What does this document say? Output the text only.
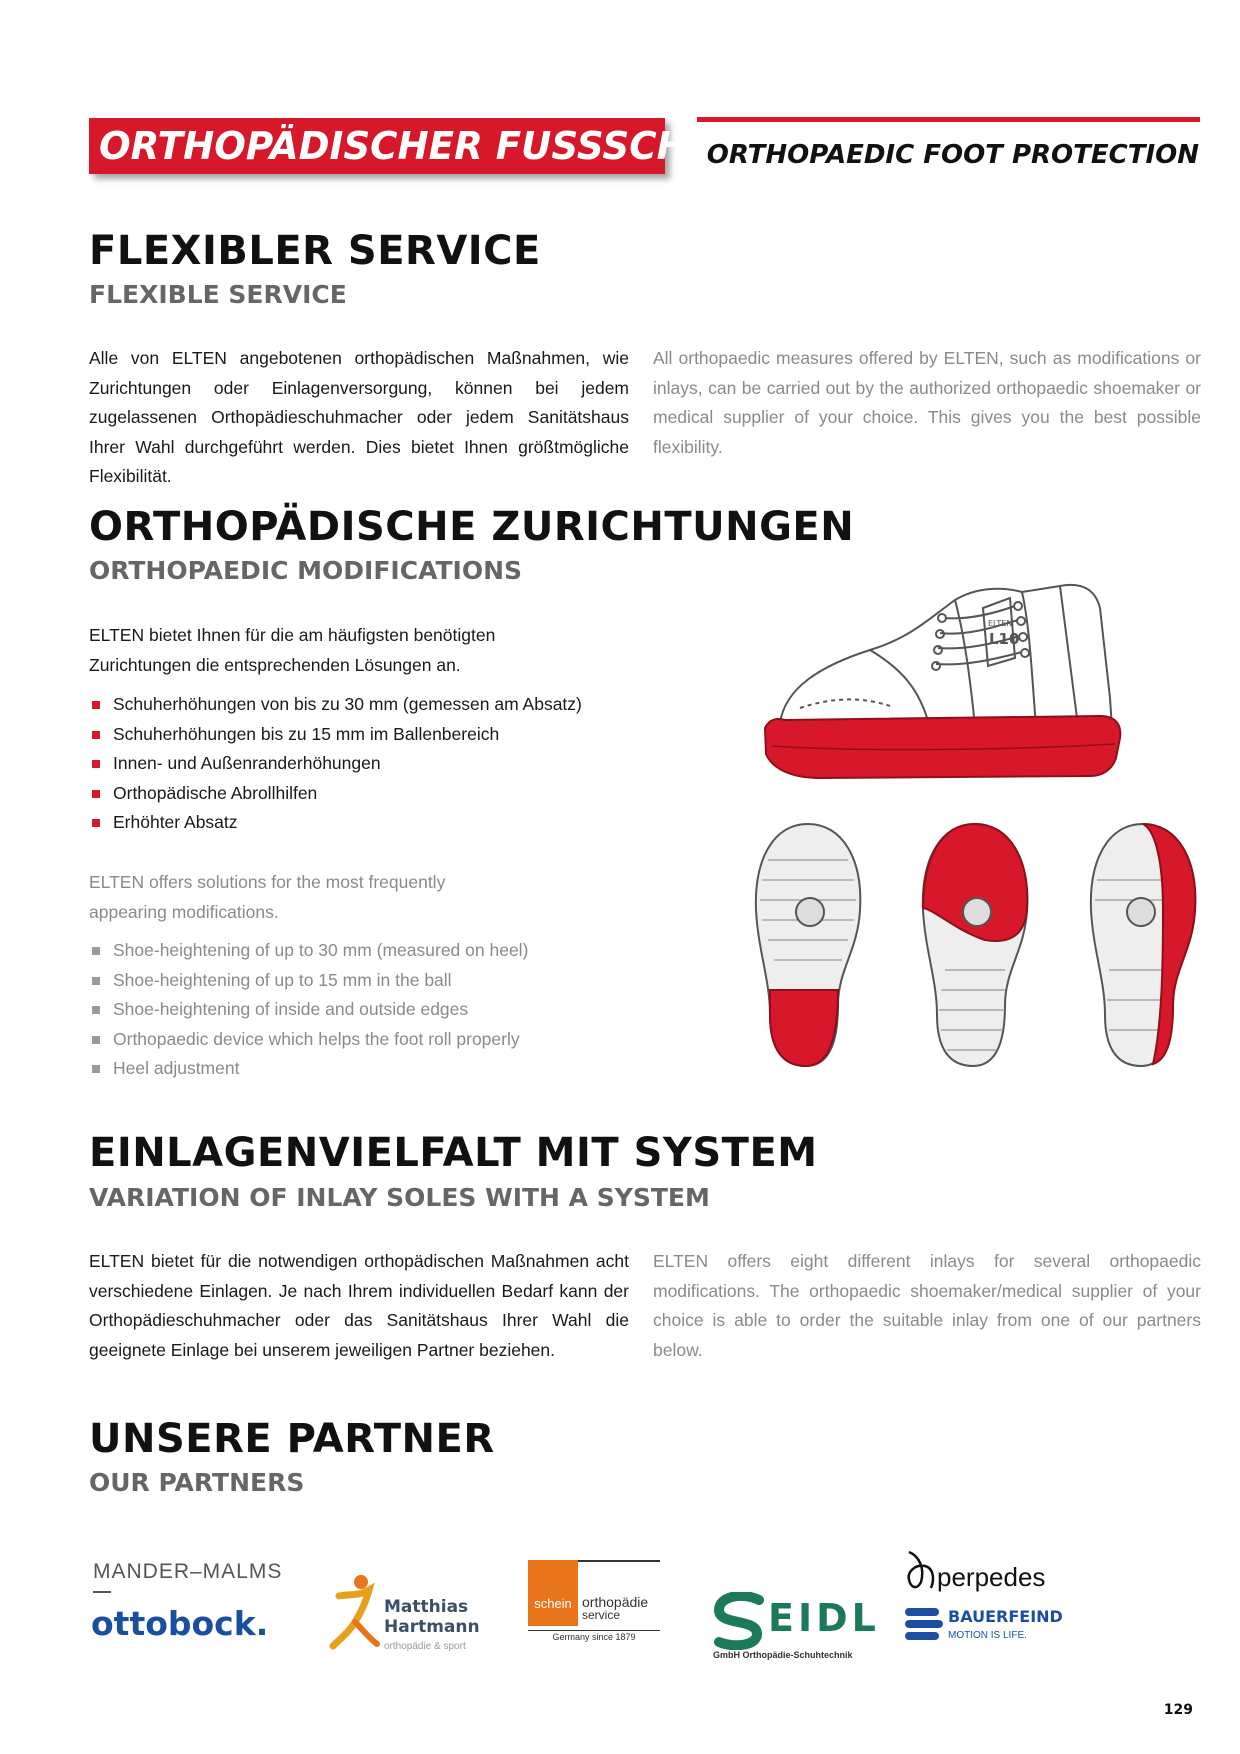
ORTHOPÄDISCHER FUSSSCHUTZ
ORTHOPAEDIC FOOT PROTECTION
FLEXIBLER SERVICE
FLEXIBLE SERVICE
Alle von ELTEN angebotenen orthopädischen Maßnahmen, wie Zurichtungen oder Einlagenversorgung, können bei jedem zugelassenen Orthopädieschuhmacher oder jedem Sanitätshaus Ihrer Wahl durchgeführt werden. Dies bietet Ihnen größtmögliche Flexibilität.
All orthopaedic measures offered by ELTEN, such as modifications or inlays, can be carried out by the authorized orthopaedic shoemaker or medical supplier of your choice. This gives you the best possible flexibility.
ORTHOPÄDISCHE ZURICHTUNGEN
ORTHOPAEDIC MODIFICATIONS
ELTEN bietet Ihnen für die am häufigsten benötigten Zurichtungen die entsprechenden Lösungen an.
Schuherhöhungen von bis zu 30 mm (gemessen am Absatz)
Schuherhöhungen bis zu 15 mm im Ballenbereich
Innen- und Außenranderhöhungen
Orthopädische Abrollhilfen
Erhöhter Absatz
ELTEN offers solutions for the most frequently appearing modifications.
Shoe-heightening of up to 30 mm (measured on heel)
Shoe-heightening of up to 15 mm in the ball
Shoe-heightening of inside and outside edges
Orthopaedic device which helps the foot roll properly
Heel adjustment
ELTEN
L10
EINLAGENVIELFALT MIT SYSTEM
VARIATION OF INLAY SOLES WITH A SYSTEM
ELTEN bietet für die notwendigen orthopädischen Maßnahmen acht verschiedene Einlagen. Je nach Ihrem individuellen Bedarf kann der Orthopädieschuhmacher oder das Sanitätshaus Ihrer Wahl die geeignete Einlage bei unserem jeweiligen Partner beziehen.
ELTEN offers eight different inlays for several orthopaedic modifications. The orthopaedic shoemaker/medical supplier of your choice is able to order the suitable inlay from one of our partners below.
UNSERE PARTNER
OUR PARTNERS
MANDER–MALMS
ottobock.	Matthias
Hartmann
orthopädie & sport
schein orthopädie
service
Germany since 1879	EIDL
GmbH Orthopädie-Schuhtechnik
perpedes
BAUERFEIND
MOTION IS LIFE.
129
